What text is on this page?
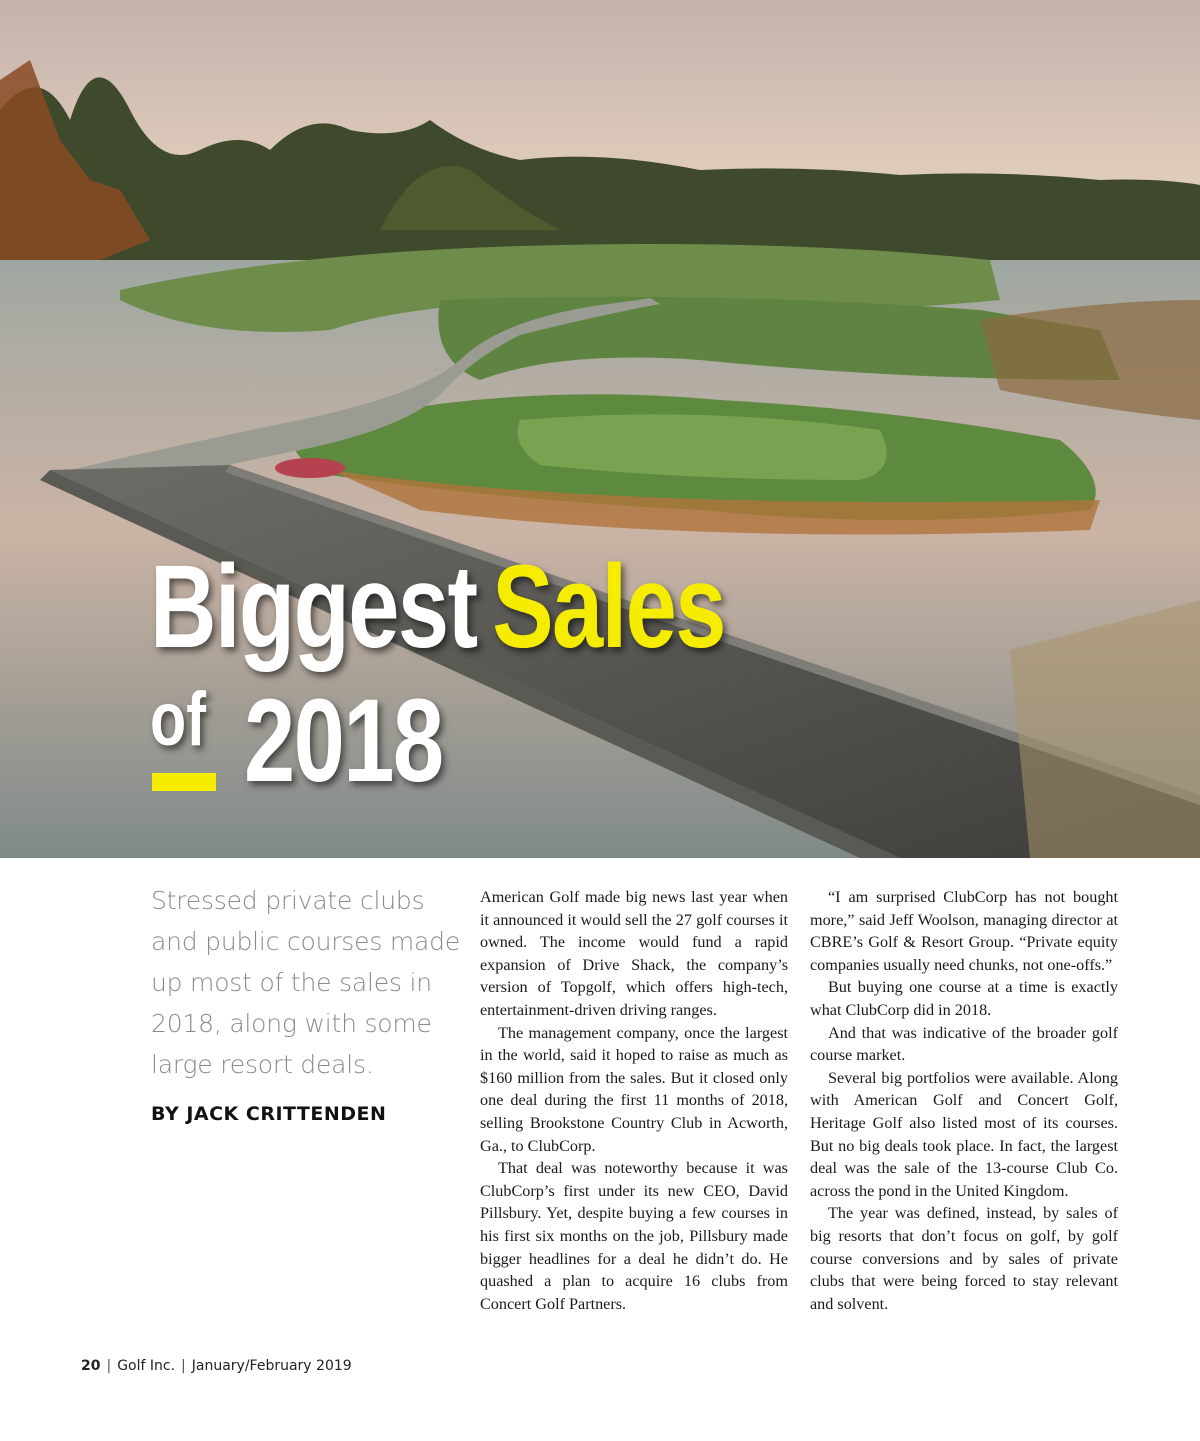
Biggest Sales
of 2018

Stressed private clubs and public courses made up most of the sales in 2018, along with some large resort deals.

BY JACK CRITTENDEN

American Golf made big news last year when it announced it would sell the 27 golf courses it owned. The income would fund a rapid expansion of Drive Shack, the company’s version of Topgolf, which offers high-tech, entertainment-driven driving ranges.

The management company, once the largest in the world, said it hoped to raise as much as $160 million from the sales. But it closed only one deal during the first 11 months of 2018, selling Brookstone Country Club in Acworth, Ga., to ClubCorp.

That deal was noteworthy because it was ClubCorp’s first under its new CEO, David Pillsbury. Yet, despite buying a few courses in his first six months on the job, Pillsbury made bigger headlines for a deal he didn’t do. He quashed a plan to acquire 16 clubs from Concert Golf Partners.

“I am surprised ClubCorp has not bought more,” said Jeff Woolson, managing director at CBRE’s Golf & Resort Group. “Private equity companies usually need chunks, not one-offs.”

But buying one course at a time is exactly what ClubCorp did in 2018.

And that was indicative of the broader golf course market.

Several big portfolios were available. Along with American Golf and Concert Golf, Heritage Golf also listed most of its courses. But no big deals took place. In fact, the largest deal was the sale of the 13-course Club Co. across the pond in the United Kingdom.

The year was defined, instead, by sales of big resorts that don’t focus on golf, by golf course conversions and by sales of private clubs that were being forced to stay relevant and solvent.

20 | Golf Inc. | January/February 2019
